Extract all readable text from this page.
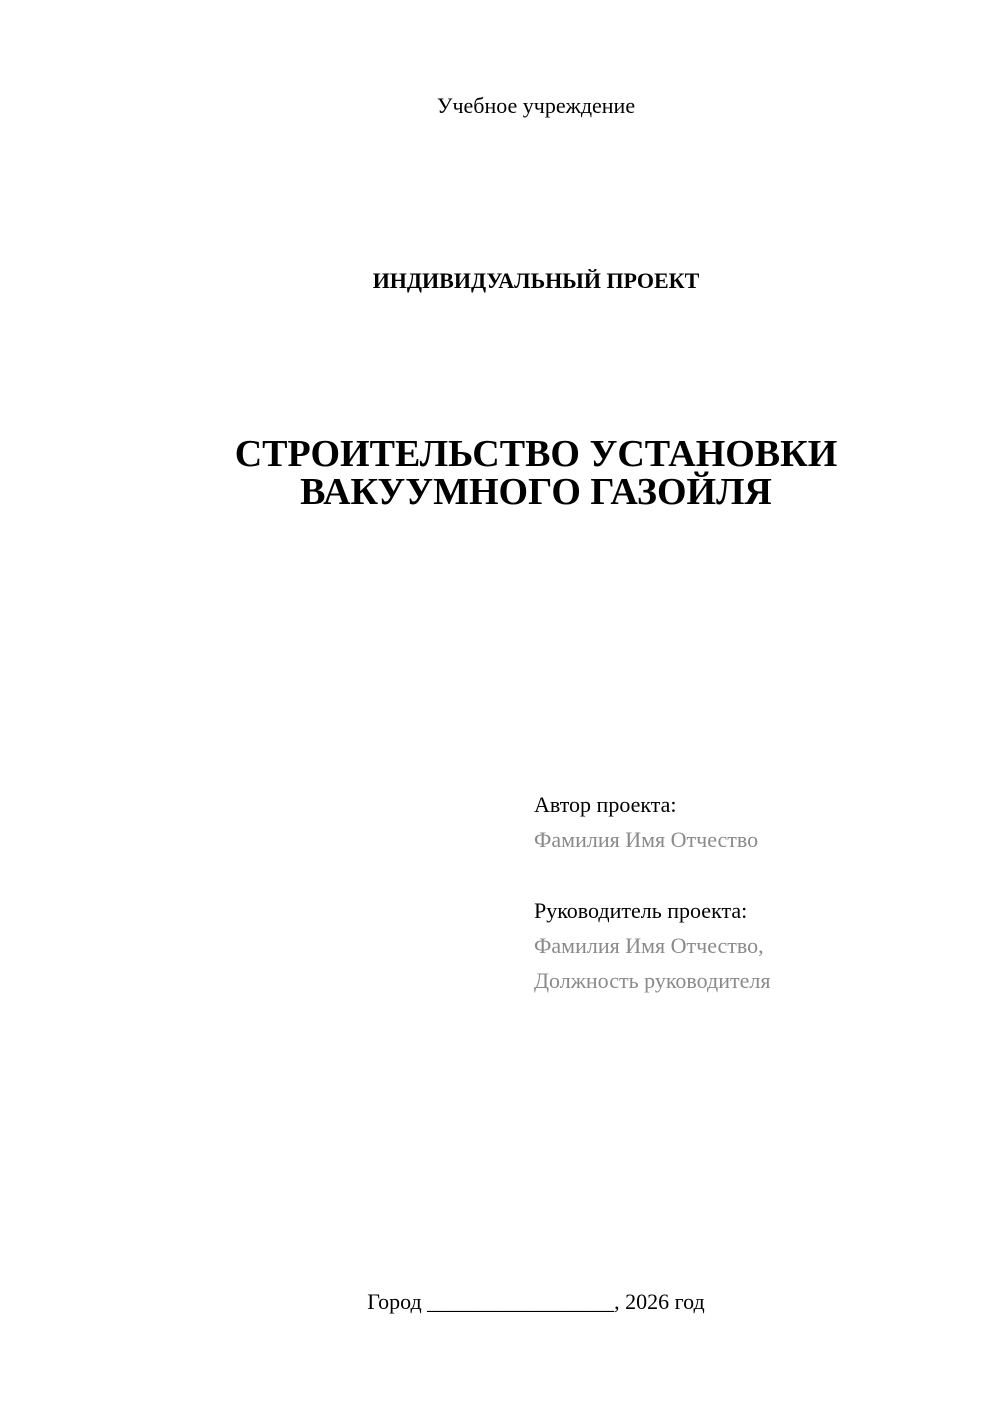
Учебное учреждение
ИНДИВИДУАЛЬНЫЙ ПРОЕКТ
СТРОИТЕЛЬСТВО УСТАНОВКИ
ВАКУУМНОГО ГАЗОЙЛЯ
Автор проекта:
Фамилия Имя Отчество
Руководитель проекта:
Фамилия Имя Отчество,
Должность руководителя
Город _________________, 2026 год
